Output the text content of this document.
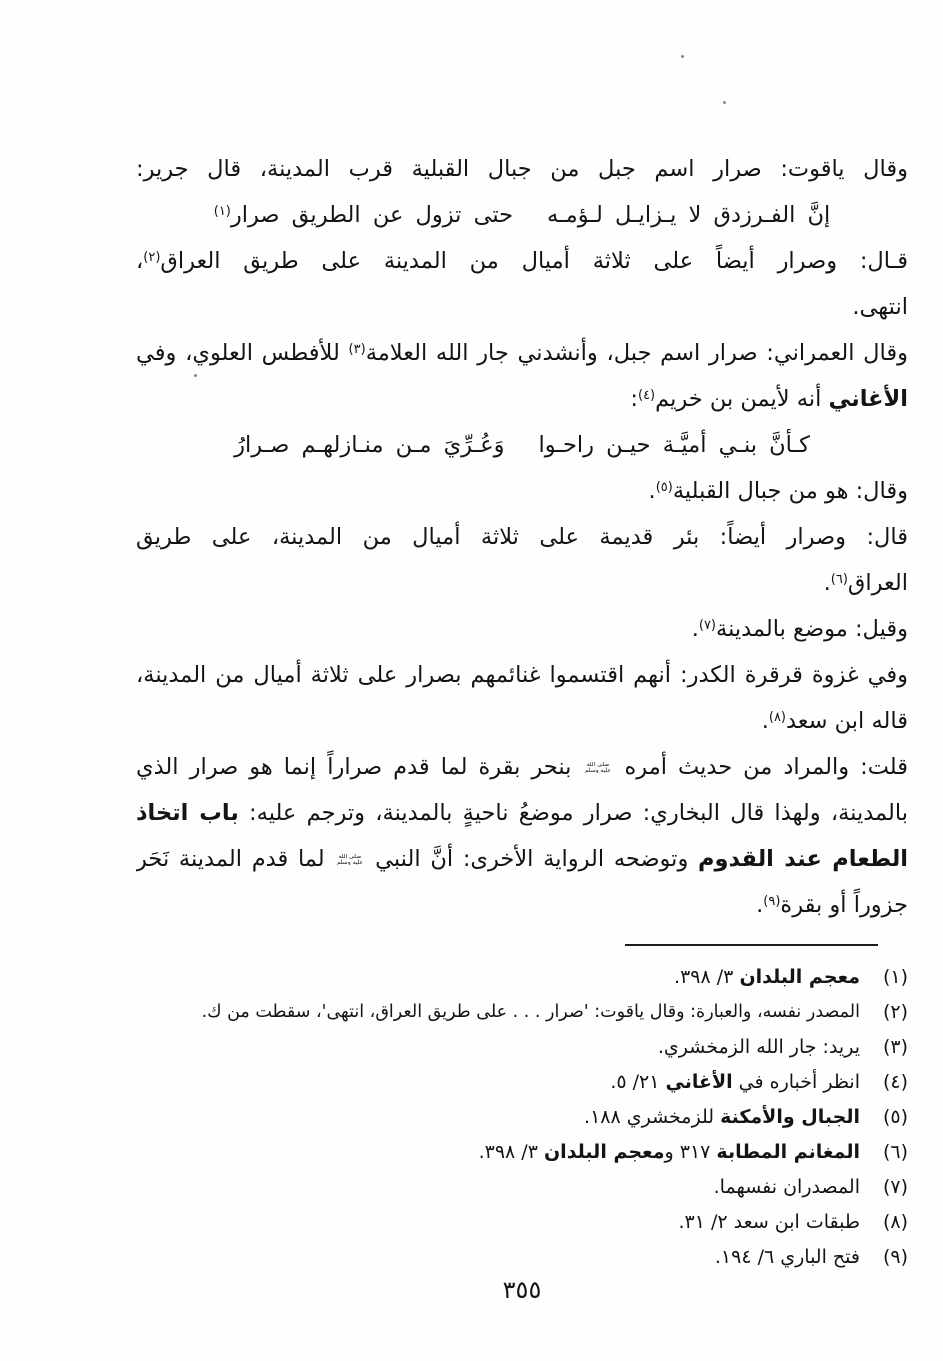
وقال ياقوت: صرار اسم جبل من جبال القبلية قرب المدينة، قال جرير:

إنَّ الفـرزدق لا يـزايـل لـؤمـه
حتى تزول عن الطريق صرار$^{(١)}$

قـال: وصرار أيضاً على ثلاثة أميال من المدينة على طريق العراق$^{(٢)}$،
انتهى.

وقال العمراني: صرار اسم جبل، وأنشدني جار الله العلامة$^{(٣)}$ للأفطس العلوي، وفي الأغاني أنه لأيمن بن خريم$^{(٤)}$:

كـأنَّ بنـي أميَّـة حيـن راحـوا
وَعُـرِّيَ مـن منـازلهـم صـرارُ

وقال: هو من جبال القبلية$^{(٥)}$.

قال: وصرار أيضاً: بئر قديمة على ثلاثة أميال من المدينة، على طريق
العراق$^{(٦)}$.

وقيل: موضع بالمدينة$^{(٧)}$.

وفي غزوة قرقرة الكدر: أنهم اقتسموا غنائمهم بصرار على ثلاثة أميال من المدينة، قاله ابن سعد$^{(٨)}$.

قلت: والمراد من حديث أمره صلى الله عليه وسلم بنحر بقرة لما قدم صراراً إنما هو صرار الذي بالمدينة، ولهذا قال البخاري: صرار موضعُ ناحيةٍ بالمدينة، وترجم عليه: باب اتخاذ الطعام عند القدوم وتوضحه الرواية الأخرى: أنَّ النبي صلى الله عليه وسلم لما قدم المدينة نَحَر جزوراً أو بقرة$^{(٩)}$.

(١)
معجم البلدان ٣/ ٣٩٨.
(٢)
المصدر نفسه، والعبارة: وقال ياقوت: 'صرار . . . على طريق العراق، انتهى'، سقطت من ك.
(٣)
يريد: جار الله الزمخشري.
(٤)
انظر أخباره في الأغاني ٢١/ ٥.
(٥)
الجبال والأمكنة للزمخشري ١٨٨.
(٦)
المغانم المطابة ٣١٧ ومعجم البلدان ٣/ ٣٩٨.
(٧)
المصدران نفسهما.
(٨)
طبقات ابن سعد ٢/ ٣١.
(٩)
فتح الباري ٦/ ١٩٤.
٣٥٥
